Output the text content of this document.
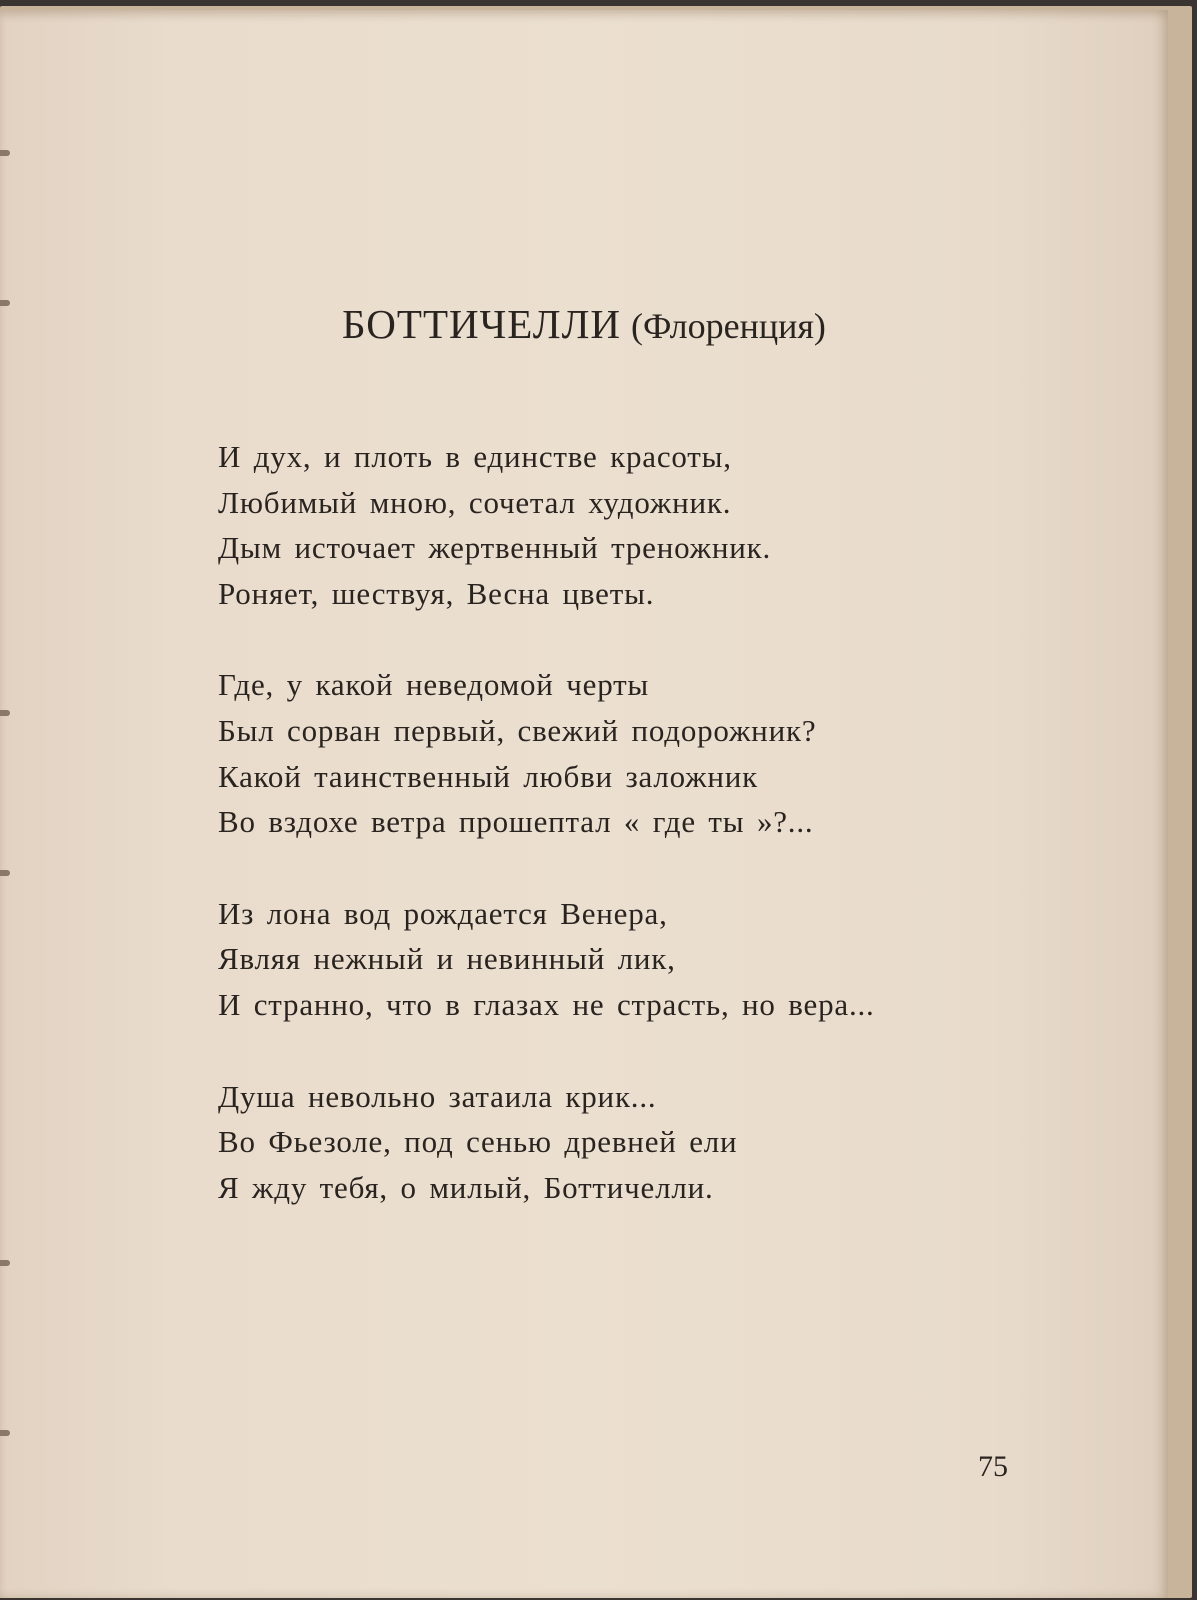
БОТТИЧЕЛЛИ (Флоренция)
И дух, и плоть в единстве красоты,
Любимый мною, сочетал художник.
Дым источает жертвенный треножник.
Роняет, шествуя, Весна цветы.
Где, у какой неведомой черты
Был сорван первый, свежий подорожник?
Какой таинственный любви заложник
Во вздохе ветра прошептал « где ты »?...
Из лона вод рождается Венера,
Являя нежный и невинный лик,
И странно, что в глазах не страсть, но вера...
Душа невольно затаила крик...
Во Фьезоле, под сенью древней ели
Я жду тебя, о милый, Боттичелли.
75
